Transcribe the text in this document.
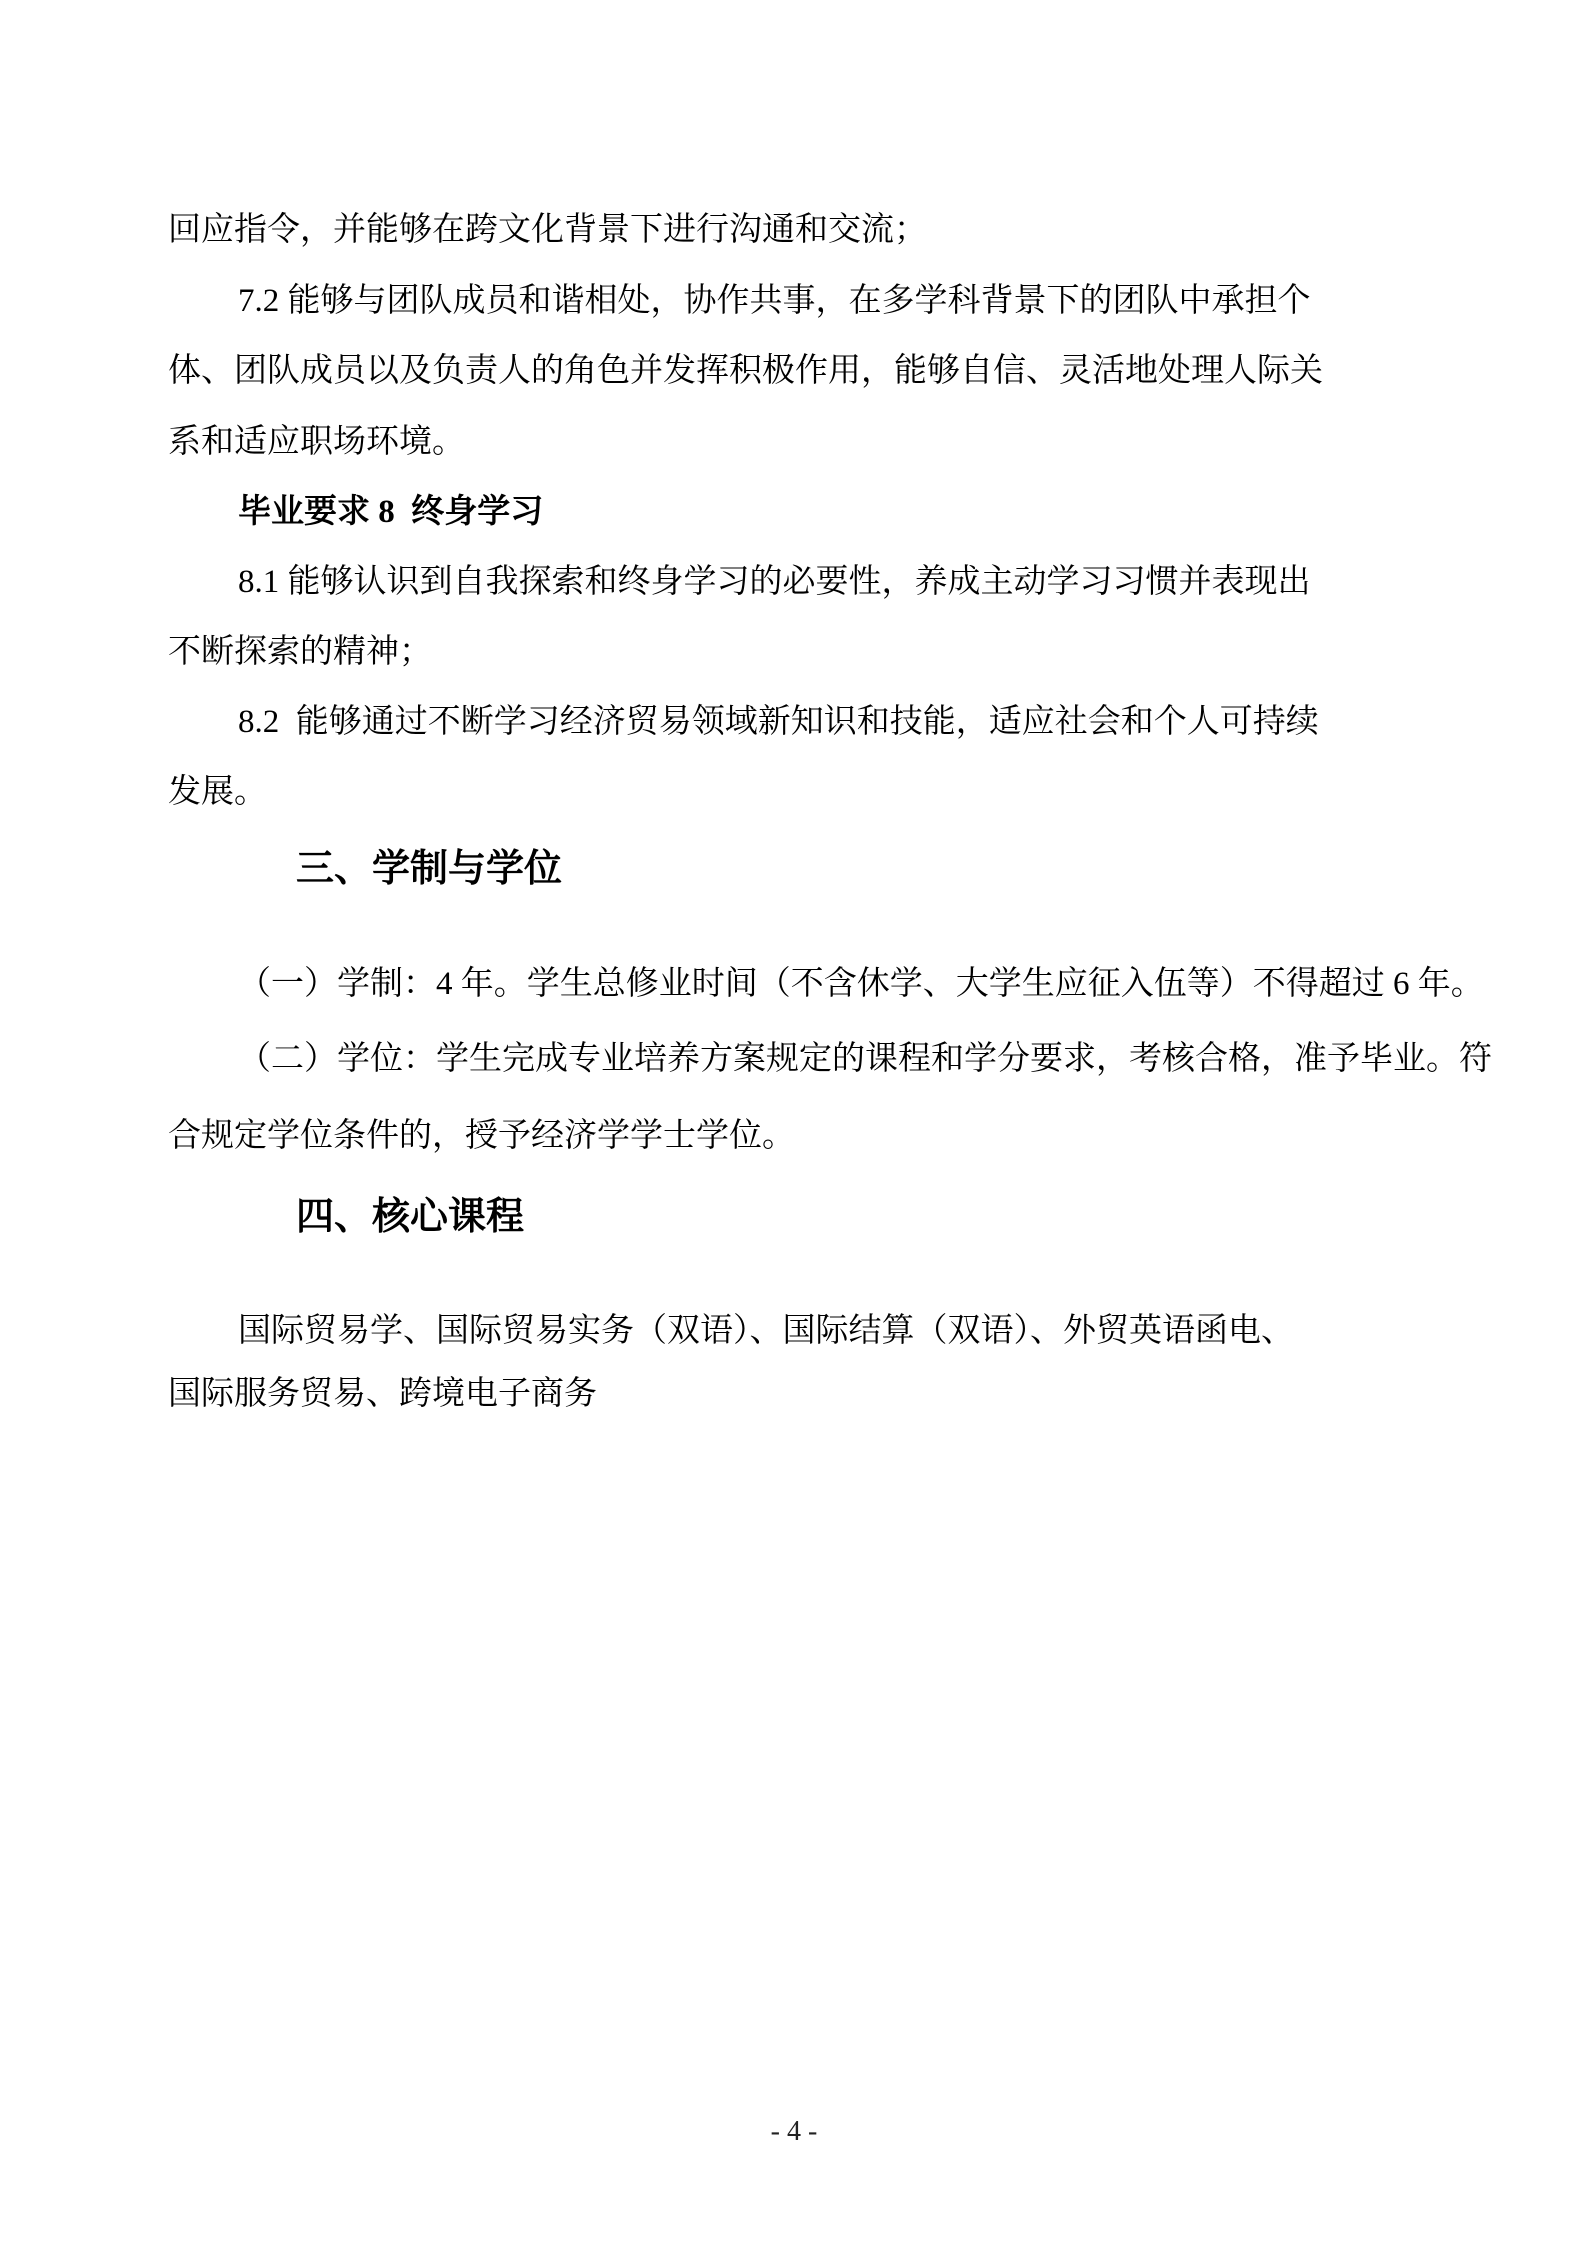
回应指令，并能够在跨文化背景下进行沟通和交流；
7.2 能够与团队成员和谐相处，协作共事，在多学科背景下的团队中承担个
体、团队成员以及负责人的角色并发挥积极作用，能够自信、灵活地处理人际关
系和适应职场环境。
毕业要求 8  终身学习
8.1 能够认识到自我探索和终身学习的必要性，养成主动学习习惯并表现出
不断探索的精神；
8.2  能够通过不断学习经济贸易领域新知识和技能，适应社会和个人可持续
发展。
三、学制与学位
（一）学制：4 年。学生总修业时间（不含休学、大学生应征入伍等）不得超过 6 年。
（二）学位：学生完成专业培养方案规定的课程和学分要求，考核合格，准予毕业。符
合规定学位条件的，授予经济学学士学位。
四、核心课程
国际贸易学、国际贸易实务（双语）、国际结算（双语）、外贸英语函电、
国际服务贸易、跨境电子商务
- 4 -
